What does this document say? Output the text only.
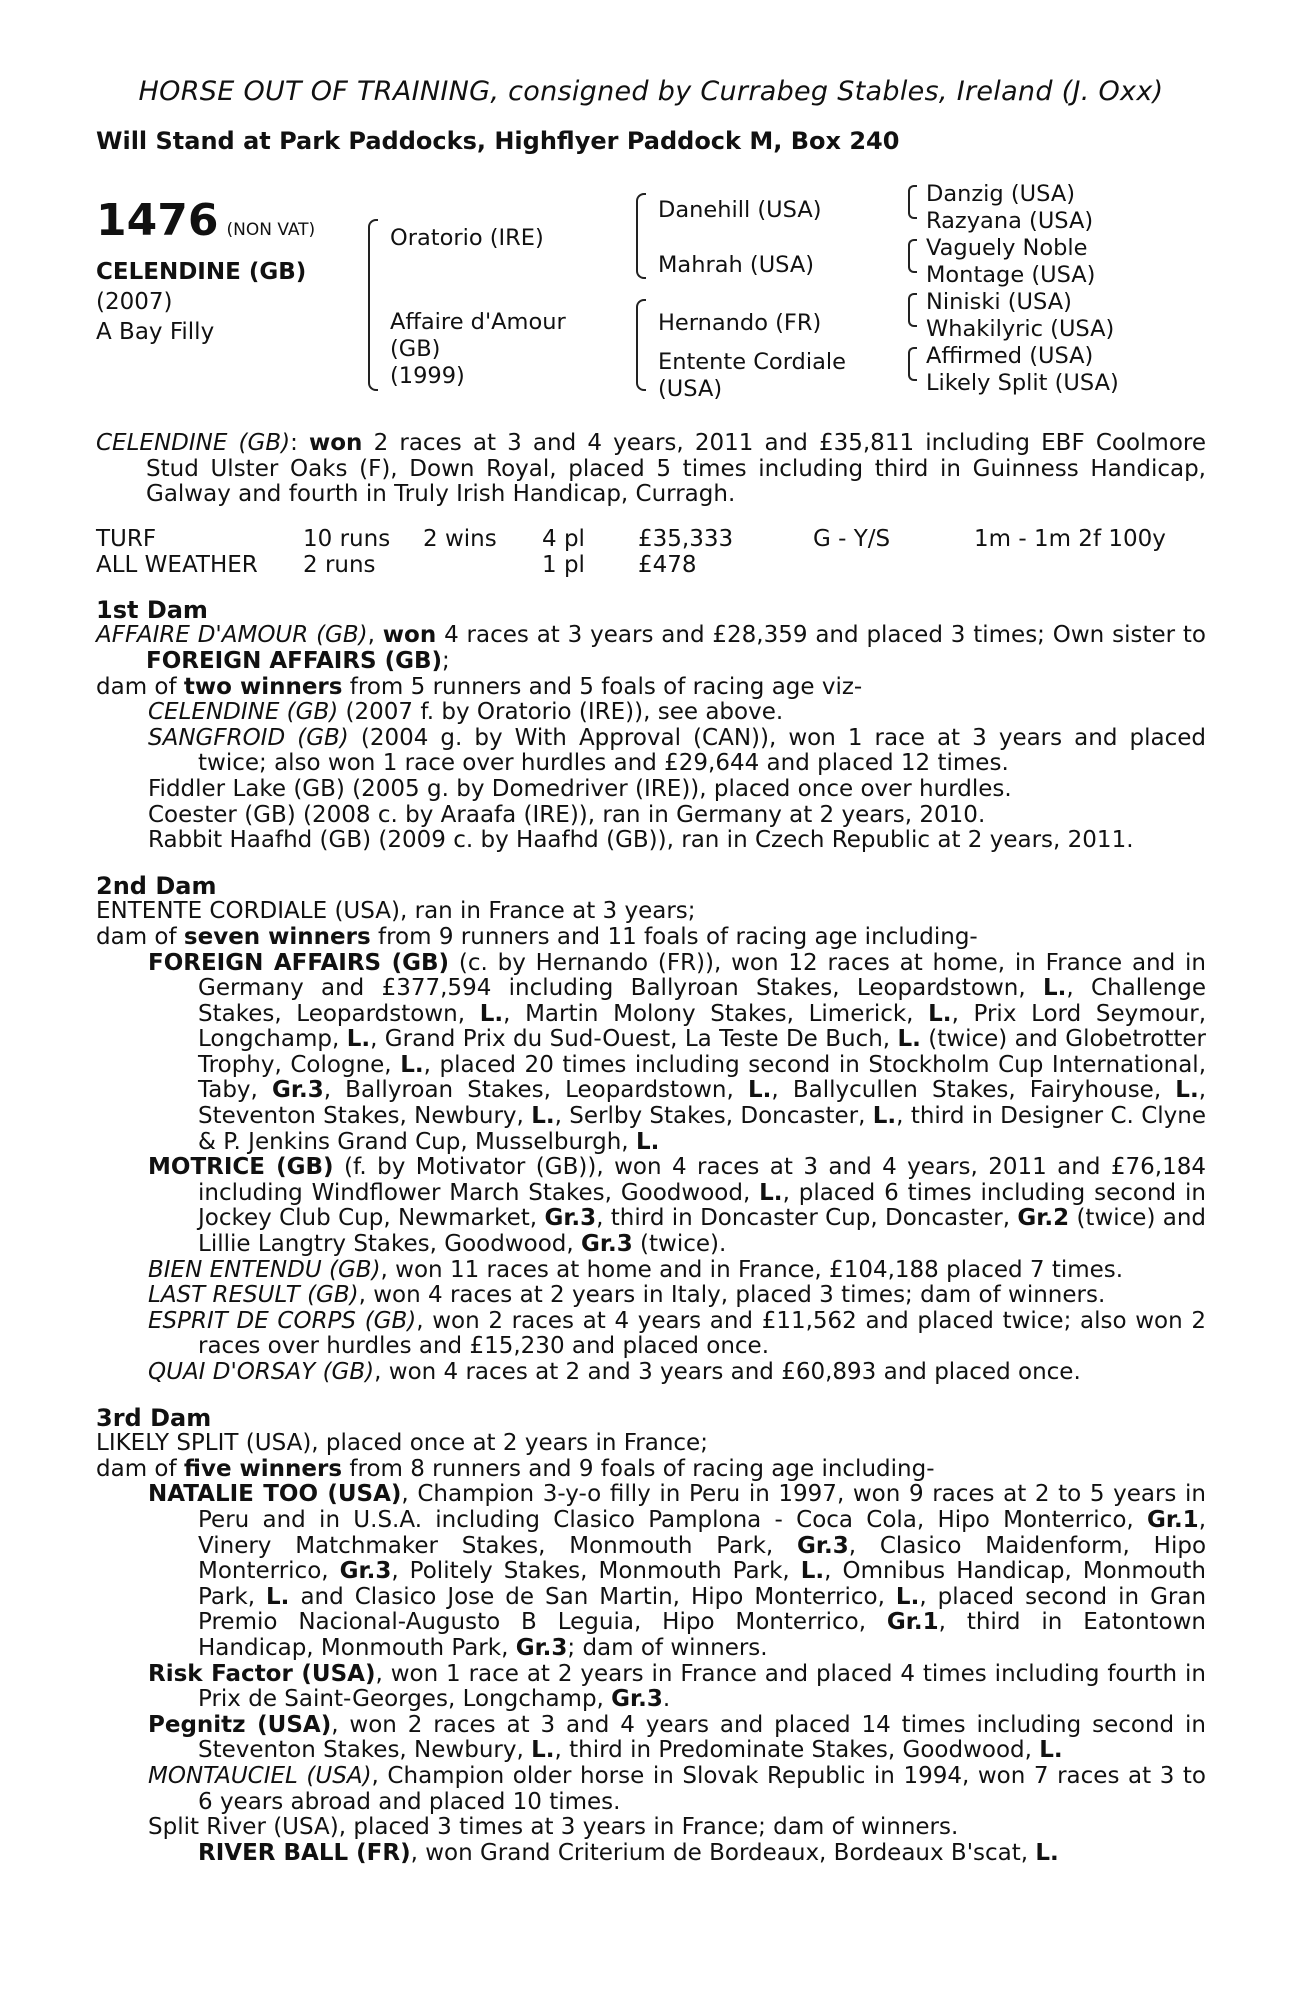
HORSE OUT OF TRAINING, consigned by Currabeg Stables, Ireland (J. Oxx)
Will Stand at Park Paddocks, Highflyer Paddock M, Box 240
1476 (NON VAT)
CELENDINE (GB)
(2007)
A Bay Filly
Oratorio (IRE)
Affaire d'Amour
(GB)
(1999)
Danehill (USA)
Mahrah (USA)
Hernando (FR)
Entente Cordiale
(USA)
Danzig (USA)
Razyana (USA)
Vaguely Noble
Montage (USA)
Niniski (USA)
Whakilyric (USA)
Affirmed (USA)
Likely Split (USA)
CELENDINE (GB): won 2 races at 3 and 4 years, 2011 and £35,811 including EBF Coolmore Stud Ulster Oaks (F), Down Royal, placed 5 times including third in Guinness Handicap, Galway and fourth in Truly Irish Handicap, Curragh.
TURF	10 runs 2 wins 4 pl £35,333	G - Y/S	1m - 1m 2f 100y
ALL WEATHER 2 runs	1 pl £478
1st Dam
AFFAIRE D'AMOUR (GB), won 4 races at 3 years and £28,359 and placed 3 times; Own sister to FOREIGN AFFAIRS (GB);
dam of two winners from 5 runners and 5 foals of racing age viz-
CELENDINE (GB) (2007 f. by Oratorio (IRE)), see above.
SANGFROID (GB) (2004 g. by With Approval (CAN)), won 1 race at 3 years and placed twice; also won 1 race over hurdles and £29,644 and placed 12 times.
Fiddler Lake (GB) (2005 g. by Domedriver (IRE)), placed once over hurdles.
Coester (GB) (2008 c. by Araafa (IRE)), ran in Germany at 2 years, 2010.
Rabbit Haafhd (GB) (2009 c. by Haafhd (GB)), ran in Czech Republic at 2 years, 2011.
2nd Dam
ENTENTE CORDIALE (USA), ran in France at 3 years;
dam of seven winners from 9 runners and 11 foals of racing age including-
FOREIGN AFFAIRS (GB) (c. by Hernando (FR)), won 12 races at home, in France and in Germany and £377,594 including Ballyroan Stakes, Leopardstown, L., Challenge Stakes, Leopardstown, L., Martin Molony Stakes, Limerick, L., Prix Lord Seymour, Longchamp, L., Grand Prix du Sud-Ouest, La Teste De Buch, L. (twice) and Globetrotter Trophy, Cologne, L., placed 20 times including second in Stockholm Cup International, Taby, Gr.3, Ballyroan Stakes, Leopardstown, L., Ballycullen Stakes, Fairyhouse, L., Steventon Stakes, Newbury, L., Serlby Stakes, Doncaster, L., third in Designer C. Clyne & P. Jenkins Grand Cup, Musselburgh, L.
MOTRICE (GB) (f. by Motivator (GB)), won 4 races at 3 and 4 years, 2011 and £76,184 including Windflower March Stakes, Goodwood, L., placed 6 times including second in Jockey Club Cup, Newmarket, Gr.3, third in Doncaster Cup, Doncaster, Gr.2 (twice) and Lillie Langtry Stakes, Goodwood, Gr.3 (twice).
BIEN ENTENDU (GB), won 11 races at home and in France, £104,188 placed 7 times.
LAST RESULT (GB), won 4 races at 2 years in Italy, placed 3 times; dam of winners.
ESPRIT DE CORPS (GB), won 2 races at 4 years and £11,562 and placed twice; also won 2 races over hurdles and £15,230 and placed once.
QUAI D'ORSAY (GB), won 4 races at 2 and 3 years and £60,893 and placed once.
3rd Dam
LIKELY SPLIT (USA), placed once at 2 years in France;
dam of five winners from 8 runners and 9 foals of racing age including-
NATALIE TOO (USA), Champion 3-y-o filly in Peru in 1997, won 9 races at 2 to 5 years in Peru and in U.S.A. including Clasico Pamplona - Coca Cola, Hipo Monterrico, Gr.1, Vinery Matchmaker Stakes, Monmouth Park, Gr.3, Clasico Maidenform, Hipo Monterrico, Gr.3, Politely Stakes, Monmouth Park, L., Omnibus Handicap, Monmouth Park, L. and Clasico Jose de San Martin, Hipo Monterrico, L., placed second in Gran Premio Nacional-Augusto B Leguia, Hipo Monterrico, Gr.1, third in Eatontown Handicap, Monmouth Park, Gr.3; dam of winners.
Risk Factor (USA), won 1 race at 2 years in France and placed 4 times including fourth in Prix de Saint-Georges, Longchamp, Gr.3.
Pegnitz (USA), won 2 races at 3 and 4 years and placed 14 times including second in Steventon Stakes, Newbury, L., third in Predominate Stakes, Goodwood, L.
MONTAUCIEL (USA), Champion older horse in Slovak Republic in 1994, won 7 races at 3 to 6 years abroad and placed 10 times.
Split River (USA), placed 3 times at 3 years in France; dam of winners.
RIVER BALL (FR), won Grand Criterium de Bordeaux, Bordeaux B'scat, L.
